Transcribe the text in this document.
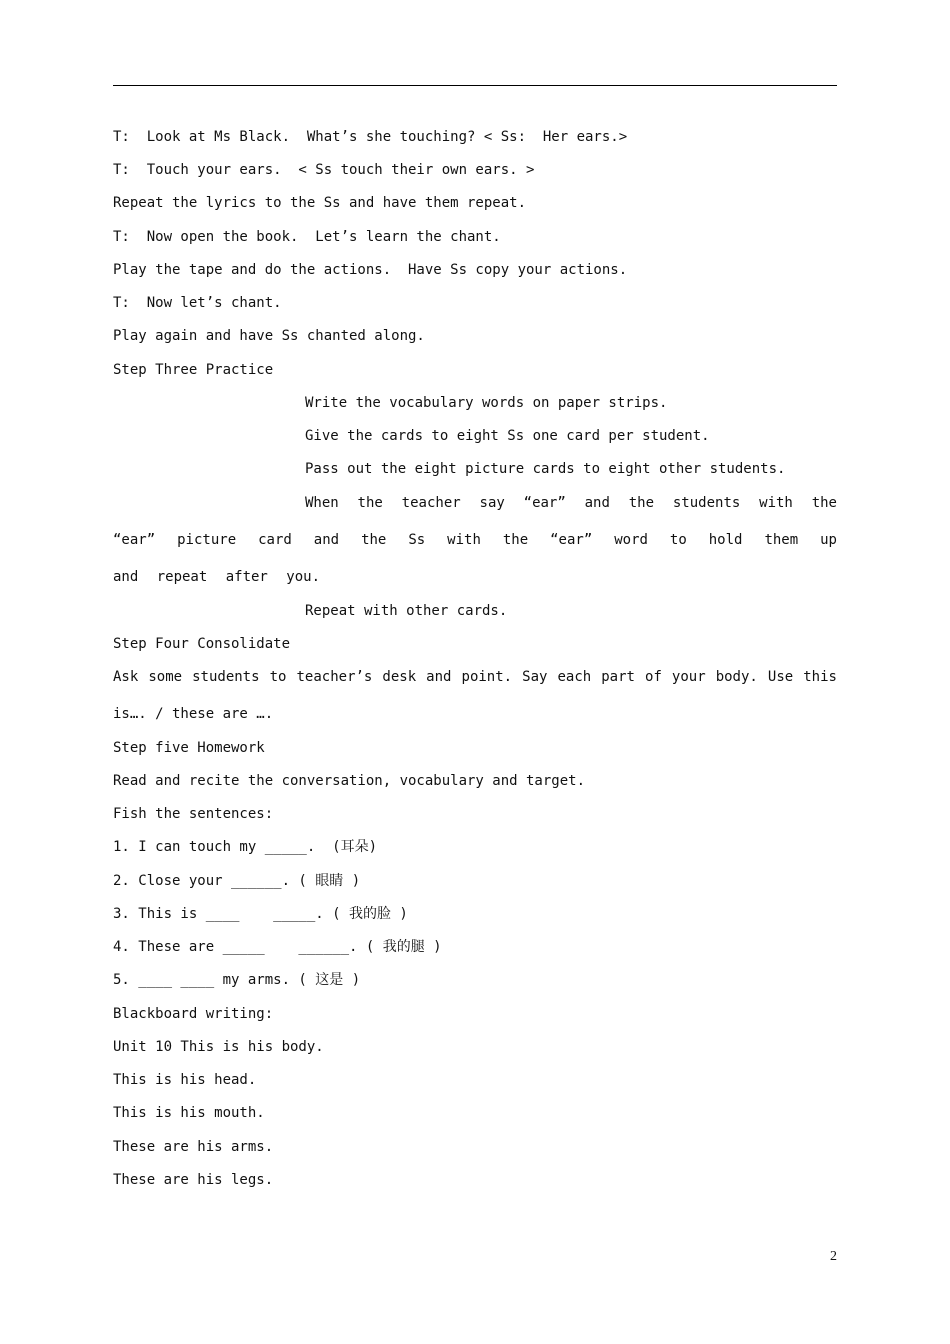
T:  Look at Ms Black.  What’s she touching? < Ss:  Her ears.>
T:  Touch your ears.  < Ss touch their own ears. >
Repeat the lyrics to the Ss and have them repeat.
T:  Now open the book.  Let’s learn the chant.
Play the tape and do the actions.  Have Ss copy your actions.
T:  Now let’s chant.
Play again and have Ss chanted along.
Step Three Practice
Write the vocabulary words on paper strips.
Give the cards to eight Ss one card per student.
Pass out the eight picture cards to eight other students.
When the teacher say “ear” and the students with the
“ear” picture card and the Ss with the “ear” word to hold them up
and repeat after you.
Repeat with other cards.
Step Four Consolidate
Ask some students to teacher’s desk and point. Say each part of your body. Use this
is…. / these are ….
Step five Homework
Read and recite the conversation, vocabulary and target.
Fish the sentences:
1. I can touch my _____.  (耳朵)
2. Close your ______. ( 眼睛 )
3. This is ____    _____. ( 我的脸 )
4. These are _____    ______. ( 我的腿 )
5. ____ ____ my arms. ( 这是 )
Blackboard writing:
Unit 10 This is his body.
This is his head.
This is his mouth.
These are his arms.
These are his legs.
2
